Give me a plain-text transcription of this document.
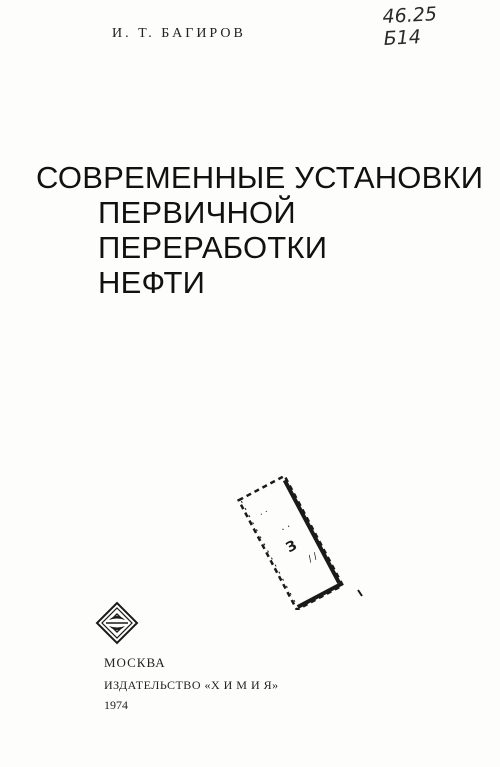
И. Т. БАГИРОВ
46.25
Б14
СОВРЕМЕННЫЕ УСТАНОВКИ
ПЕРВИЧНОЙ
ПЕРЕРАБОТКИ
НЕФТИ
· ·
З
/ /
· ·
МОСКВА
ИЗДАТЕЛЬСТВО «Х И М И Я»
1974
